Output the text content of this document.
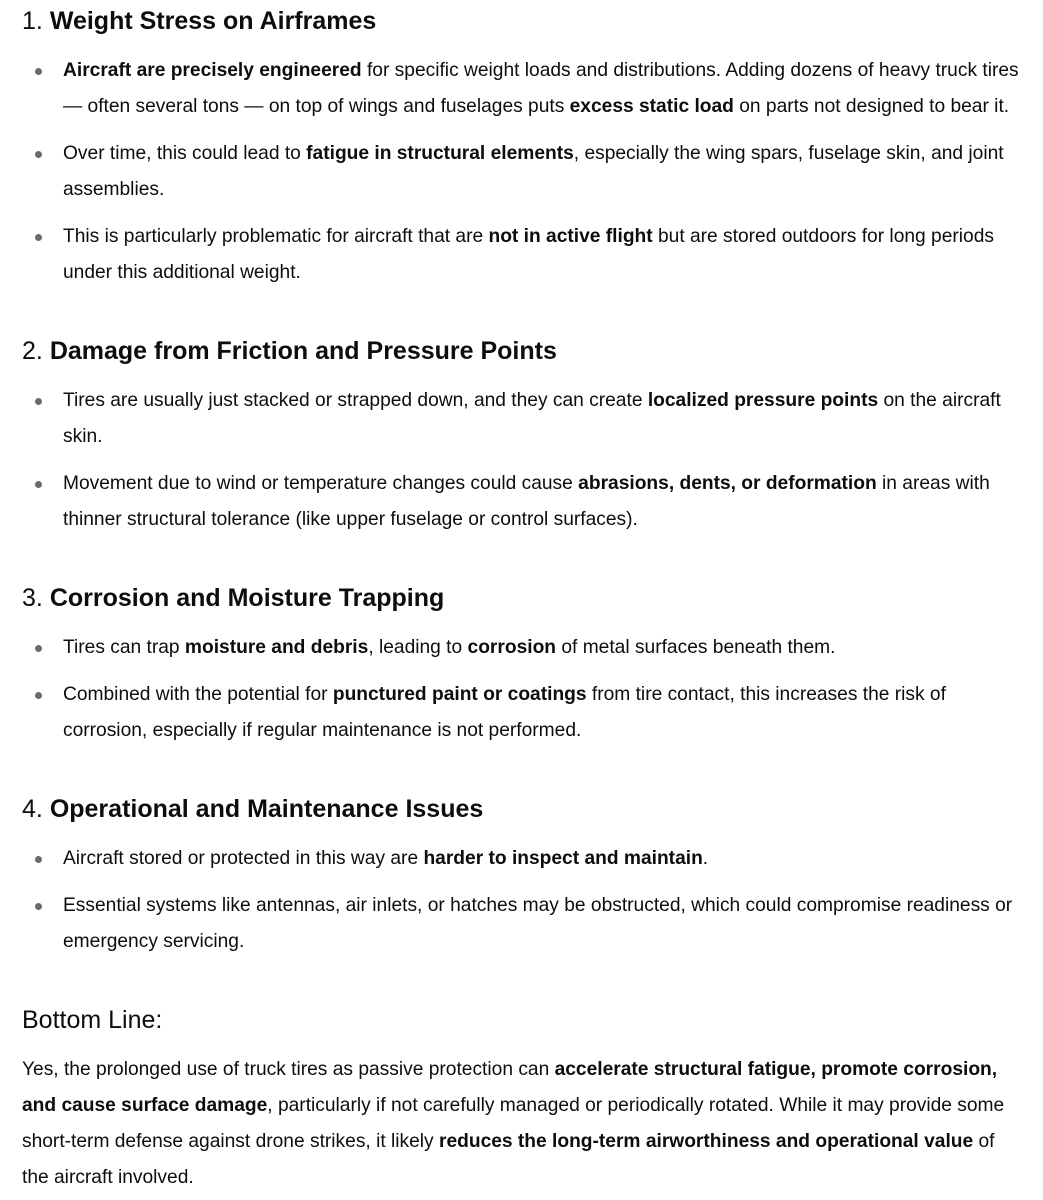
1. Weight Stress on Airframes
Aircraft are precisely engineered for specific weight loads and distributions. Adding dozens of heavy truck tires — often several tons — on top of wings and fuselages puts excess static load on parts not designed to bear it.
Over time, this could lead to fatigue in structural elements, especially the wing spars, fuselage skin, and joint assemblies.
This is particularly problematic for aircraft that are not in active flight but are stored outdoors for long periods under this additional weight.
2. Damage from Friction and Pressure Points
Tires are usually just stacked or strapped down, and they can create localized pressure points on the aircraft skin.
Movement due to wind or temperature changes could cause abrasions, dents, or deformation in areas with thinner structural tolerance (like upper fuselage or control surfaces).
3. Corrosion and Moisture Trapping
Tires can trap moisture and debris, leading to corrosion of metal surfaces beneath them.
Combined with the potential for punctured paint or coatings from tire contact, this increases the risk of corrosion, especially if regular maintenance is not performed.
4. Operational and Maintenance Issues
Aircraft stored or protected in this way are harder to inspect and maintain.
Essential systems like antennas, air inlets, or hatches may be obstructed, which could compromise readiness or emergency servicing.
Bottom Line:

Yes, the prolonged use of truck tires as passive protection can accelerate structural fatigue, promote corrosion, and cause surface damage, particularly if not carefully managed or periodically rotated. While it may provide some short-term defense against drone strikes, it likely reduces the long-term airworthiness and operational value of the aircraft involved.
